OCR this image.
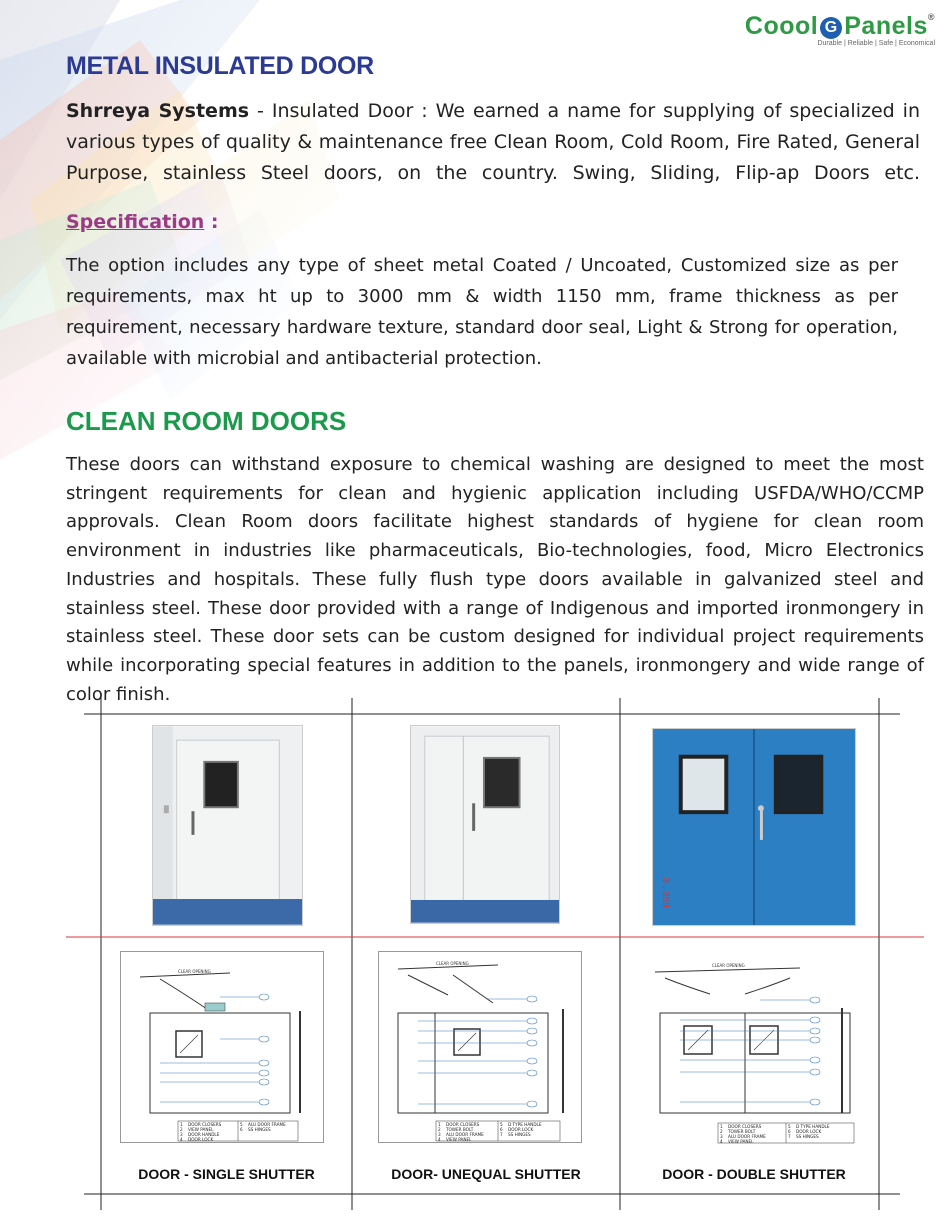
Coool G Panels®
Durable | Reliable | Safe | Economical
METAL INSULATED DOOR

Shrreya Systems - Insulated Door : We earned a name for supplying of specialized in various types of quality & maintenance free Clean Room, Cold Room, Fire Rated, General Purpose, stainless Steel doors, on the country. Swing, Sliding, Flip-ap Doors etc.

Specification :

The option includes any type of sheet metal Coated / Uncoated, Customized size as per requirements, max ht up to 3000 mm & width 1150 mm, frame thickness as per requirement, necessary hardware texture, standard door seal, Light & Strong for operation, available with microbial and antibacterial protection.

CLEAN ROOM DOORS

These doors can withstand exposure to chemical washing are designed to meet the most stringent requirements for clean and hygienic application including USFDA/WHO/CCMP approvals. Clean Room doors facilitate highest standards of hygiene for clean room environment in industries like pharmaceuticals, Bio-technologies, food, Micro Electronics Industries and hospitals. These fully flush type doors available in galvanized steel and stainless steel. These door provided with a range of Indigenous and imported ironmongery in stainless steel. These door sets can be custom designed for individual project requirements while incorporating special features in addition to the panels, ironmongery and wide range of color finish.

3 . 359
CLEAR OPENING
1 DOOR CLOSERS	5 ALU DOOR FRAME
2 VIEW PANEL	6 SS HINGES
3 DOOR HANDLE
4 DOOR LOCK
CLEAR OPENING
1 DOOR CLOSERS	5 D TYPE HANDLE
2 TOWER BOLT	6 DOOR LOCK
3 ALU DOOR FRAME	7 SS HINGES
4 VIEW PANEL
CLEAR OPENING
1 DOOR CLOSERS	5 D TYPE HANDLE
2 TOWER BOLT	6 DOOR LOCK
3 ALU DOOR FRAME	7 SS HINGES
4 VIEW PANEL
DOOR - SINGLE SHUTTER	DOOR- UNEQUAL SHUTTER	DOOR - DOUBLE SHUTTER
